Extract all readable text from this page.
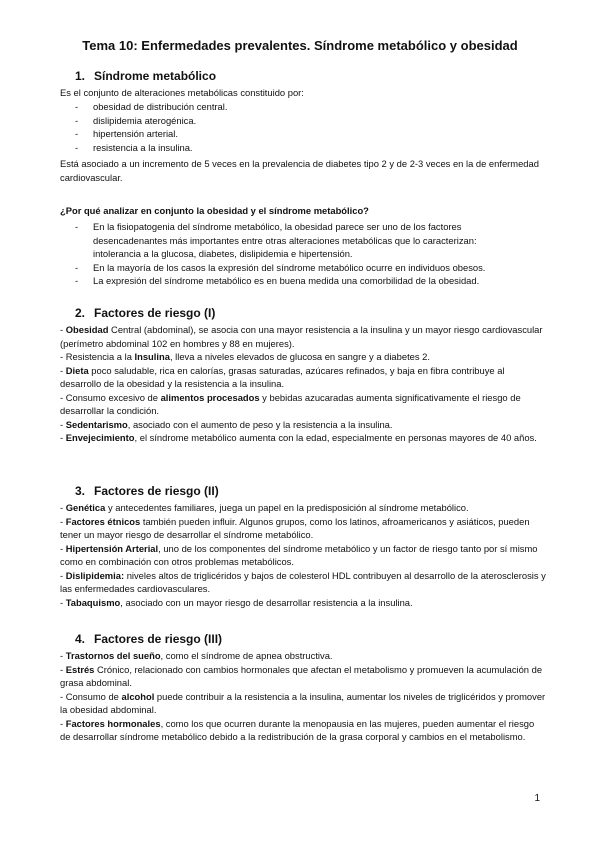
Tema 10: Enfermedades prevalentes. Síndrome metabólico y obesidad
1. Síndrome metabólico
Es el conjunto de alteraciones metabólicas constituido por:
- obesidad de distribución central.
- dislipidemia aterogénica.
- hipertensión arterial.
- resistencia a la insulina.
Está asociado a un incremento de 5 veces en la prevalencia de diabetes tipo 2 y de 2-3 veces en la de enfermedad cardiovascular.
¿Por qué analizar en conjunto la obesidad y el síndrome metabólico?
- En la fisiopatogenia del síndrome metabólico, la obesidad parece ser uno de los factores desencadenantes más importantes entre otras alteraciones metabólicas que lo caracterizan: intolerancia a la glucosa, diabetes, dislipidemia e hipertensión.
- En la mayoría de los casos la expresión del síndrome metabólico ocurre en individuos obesos.
- La expresión del síndrome metabólico es en buena medida una comorbilidad de la obesidad.
2. Factores de riesgo (I)
- Obesidad Central (abdominal), se asocia con una mayor resistencia a la insulina y un mayor riesgo cardiovascular (perímetro abdominal 102 en hombres y 88 en mujeres).
- Resistencia a la Insulina, lleva a niveles elevados de glucosa en sangre y a diabetes 2.
- Dieta poco saludable, rica en calorías, grasas saturadas, azúcares refinados, y baja en fibra contribuye al desarrollo de la obesidad y la resistencia a la insulina.
- Consumo excesivo de alimentos procesados y bebidas azucaradas aumenta significativamente el riesgo de desarrollar la condición.
- Sedentarismo, asociado con el aumento de peso y la resistencia a la insulina.
- Envejecimiento, el síndrome metabólico aumenta con la edad, especialmente en personas mayores de 40 años.
3. Factores de riesgo (II)
- Genética y antecedentes familiares, juega un papel en la predisposición al síndrome metabólico.
- Factores étnicos también pueden influir. Algunos grupos, como los latinos, afroamericanos y asiáticos, pueden tener un mayor riesgo de desarrollar el síndrome metabólico.
- Hipertensión Arterial, uno de los componentes del síndrome metabólico y un factor de riesgo tanto por sí mismo como en combinación con otros problemas metabólicos.
- Dislipidemia: niveles altos de triglicéridos y bajos de colesterol HDL contribuyen al desarrollo de la aterosclerosis y las enfermedades cardiovasculares.
- Tabaquismo, asociado con un mayor riesgo de desarrollar resistencia a la insulina.
4. Factores de riesgo (III)
- Trastornos del sueño, como el síndrome de apnea obstructiva.
- Estrés Crónico, relacionado con cambios hormonales que afectan el metabolismo y promueven la acumulación de grasa abdominal.
- Consumo de alcohol puede contribuir a la resistencia a la insulina, aumentar los niveles de triglicéridos y promover la obesidad abdominal.
- Factores hormonales, como los que ocurren durante la menopausia en las mujeres, pueden aumentar el riesgo de desarrollar síndrome metabólico debido a la redistribución de la grasa corporal y cambios en el metabolismo.
1
